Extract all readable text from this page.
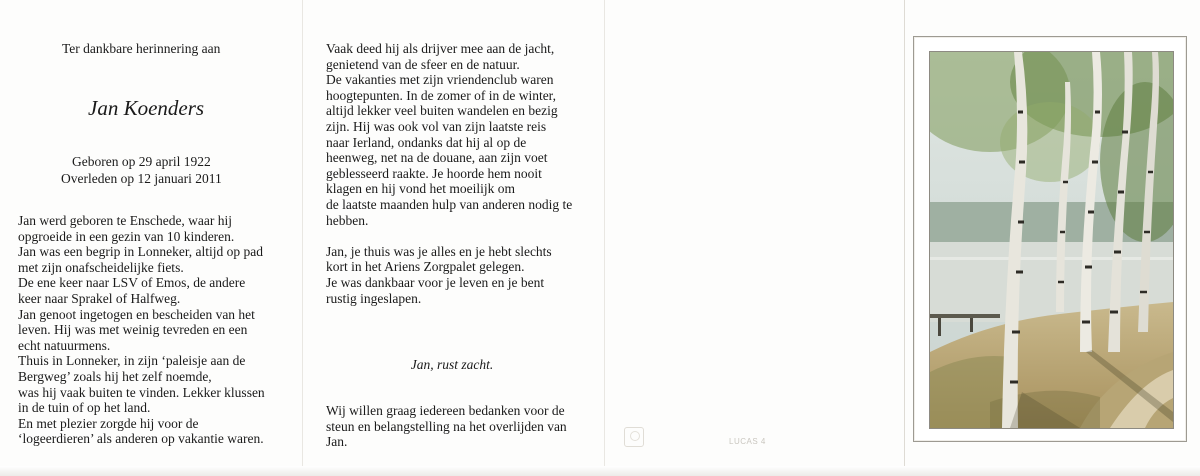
Ter dankbare herinnering aan
Jan Koenders
Geboren op 29 april 1922
Overleden op 12 januari 2011
Jan werd geboren te Enschede, waar hij
opgroeide in een gezin van 10 kinderen.
Jan was een begrip in Lonneker, altijd op pad
met zijn onafscheidelijke fiets.
De ene keer naar LSV of Emos, de andere
keer naar Sprakel of Halfweg.
Jan genoot ingetogen en bescheiden van het
leven. Hij was met weinig tevreden en een
echt natuurmens.
Thuis in Lonneker, in zijn ‘paleisje aan de
Bergweg’ zoals hij het zelf noemde,
was hij vaak buiten te vinden. Lekker klussen
in de tuin of op het land.
En met plezier zorgde hij voor de
‘logeerdieren’ als anderen op vakantie waren.
Vaak deed hij als drijver mee aan de jacht,
genietend van de sfeer en de natuur.
De vakanties met zijn vriendenclub waren
hoogtepunten. In de zomer of in de winter,
altijd lekker veel buiten wandelen en bezig
zijn. Hij was ook vol van zijn laatste reis
naar Ierland, ondanks dat hij al op de
heenweg, net na de douane, aan zijn voet
geblesseerd raakte. Je hoorde hem nooit
klagen en hij vond het moeilijk om
de laatste maanden hulp van anderen nodig te
hebben.
Jan, je thuis was je alles en je hebt slechts
kort in het Ariens Zorgpalet gelegen.
Je was dankbaar voor je leven en je bent
rustig ingeslapen.
Jan, rust zacht.
Wij willen graag iedereen bedanken voor de
steun en belangstelling na het overlijden van
Jan.	LUCAS 4
